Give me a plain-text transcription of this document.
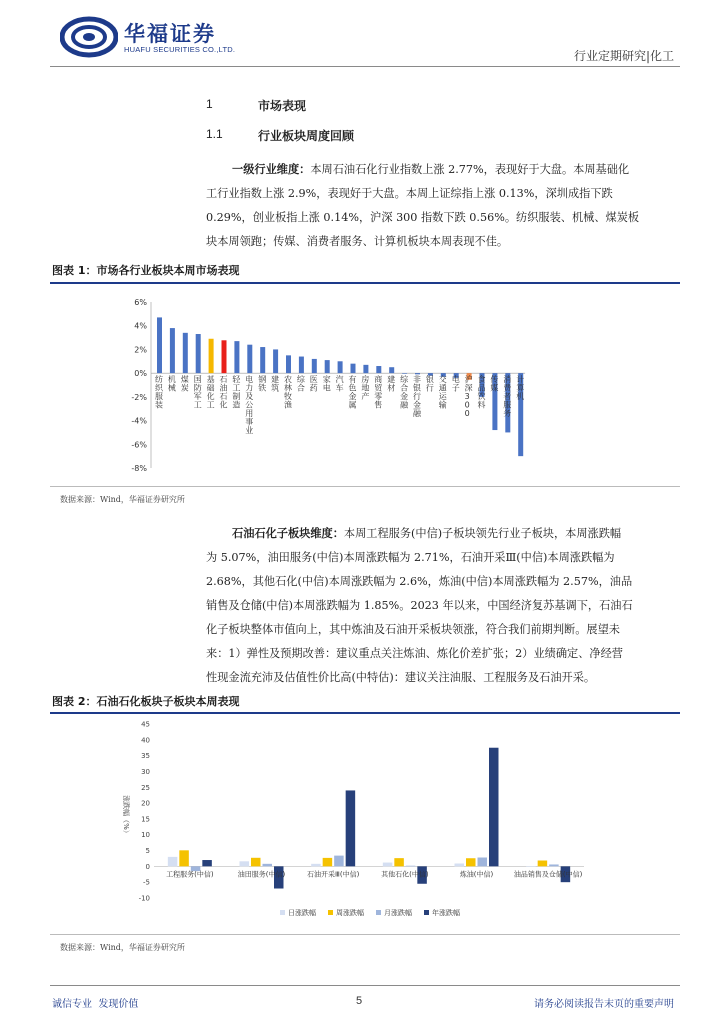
华福证券
HUAFU SECURITIES CO.,LTD.	行业定期研究|化工
1	市场表现
1.1	行业板块周度回顾
一级行业维度：本周石油石化行业指数上涨 2.77%，表现好于大盘。本周基础化
工行业指数上涨 2.9%，表现好于大盘。本周上证综指上涨 0.13%，深圳成指下跌
0.29%，创业板指上涨 0.14%，沪深 300 指数下跌 0.56%。纺织服装、机械、煤炭板
块本周领跑；传媒、消费者服务、计算机板块本周表现不佳。
图表 1：市场各行业板块本周市场表现
6%
4%
2%
0%
-2%
-4%
-6%
-8%
纺织服装
机械
煤炭
国防军工
基础化工
石油石化
轻工制造
电力及公用事业
钢铁
建筑
农林牧渔
综合
医药
家电
汽车
有色金属
房地产
商贸零售
建材
综合金融
非银行金融
银行
交通运输
电子
沪深 3 0 0
食品饮料
传媒
消费者服务
计算机
数据来源：Wind，华福证券研究所
石油石化子板块维度：本周工程服务(中信)子板块领先行业子板块，本周涨跌幅
为 5.07%，油田服务(中信)本周涨跌幅为 2.71%，石油开采Ⅲ(中信)本周涨跌幅为
2.68%，其他石化(中信)本周涨跌幅为 2.6%，炼油(中信)本周涨跌幅为 2.57%，油品
销售及仓储(中信)本周涨跌幅为 1.85%。2023 年以来，中国经济复苏基调下，石油石
化子板块整体市值向上，其中炼油及石油开采板块领涨，符合我们前期判断。展望未
来：1）弹性及预期改善：建议重点关注炼油、炼化价差扩张；2）业绩确定、净经营
性现金流充沛及估值性价比高(中特估)：建议关注油服、工程服务及石油开采。
图表 2：石油石化板块子板块本周表现
45
40
35
30
25
20
15
10
5
0
-5
-10
涨跌幅（%）
工程服务(中信)	油田服务(中信)	石油开采Ⅲ(中信)	其他石化(中信)	炼油(中信)	油品销售及仓储(中信)
日涨跌幅	周涨跌幅	月涨跌幅	年涨跌幅
数据来源：Wind，华福证券研究所
诚信专业  发现价值	5	请务必阅读报告末页的重要声明
